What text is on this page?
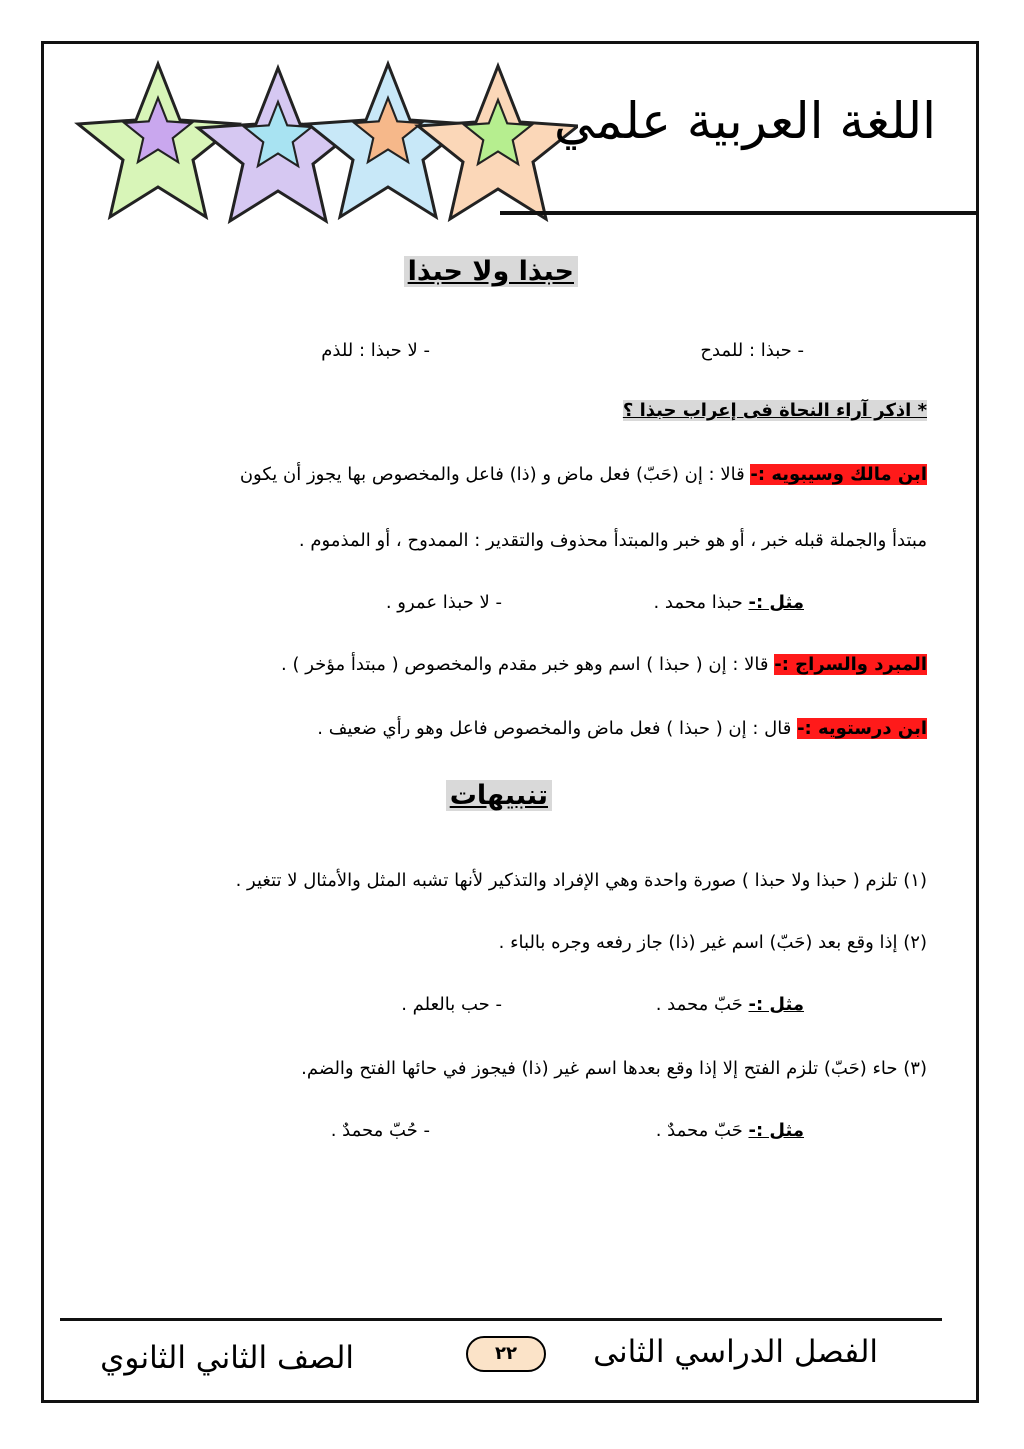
اللغة العربية علمي
حبذا ولا حبذا
- حبذا : للمدح
- لا حبذا : للذم
* اذكر آراء النحاة فى إعراب حبذا ؟
ابن مالك وسيبويه :- قالا : إن (حَبّ) فعل ماض و (ذا) فاعل والمخصوص بها يجوز أن يكون
مبتدأ والجملة قبله خبر ، أو هو خبر والمبتدأ محذوف والتقدير : الممدوح ، أو المذموم .
مثل :- حبذا محمد .
- لا حبذا عمرو .
المبرد والسراج :- قالا : إن ( حبذا ) اسم وهو خبر مقدم والمخصوص ( مبتدأ مؤخر ) .
ابن درستويه :- قال : إن ( حبذا ) فعل ماض والمخصوص فاعل وهو رأي ضعيف .
تنبيهات
(١) تلزم ( حبذا ولا حبذا ) صورة واحدة وهي الإفراد والتذكير لأنها تشبه المثل والأمثال لا تتغير .
(٢) إذا وقع بعد (حَبّ) اسم غير (ذا) جاز رفعه وجره بالباء .
مثل :- حَبّ محمد .
- حب بالعلم .
(٣) حاء (حَبّ) تلزم الفتح إلا إذا وقع بعدها اسم غير (ذا) فيجوز في حائها الفتح والضم.
مثل :- حَبّ محمدٌ .
- حُبّ محمدٌ .
الفصل الدراسي الثانى
٢٢
الصف الثاني الثانوي
